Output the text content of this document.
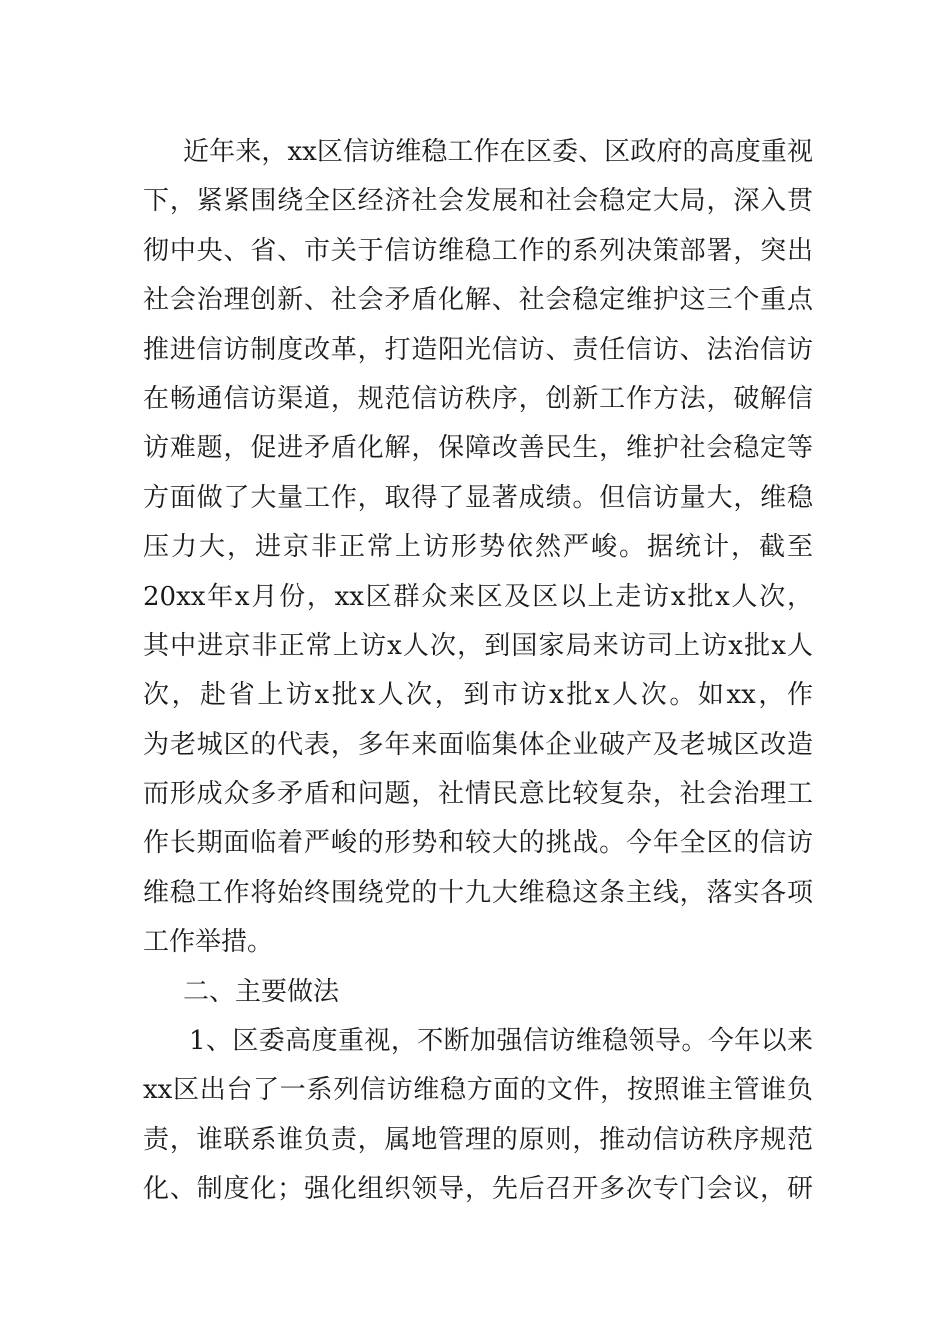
近年来，xx区信访维稳工作在区委、区政府的高度重视
下，紧紧围绕全区经济社会发展和社会稳定大局，深入贯
彻中央、省、市关于信访维稳工作的系列决策部署，突出
社会治理创新、社会矛盾化解、社会稳定维护这三个重点
推进信访制度改革，打造阳光信访、责任信访、法治信访
在畅通信访渠道，规范信访秩序，创新工作方法，破解信
访难题，促进矛盾化解，保障改善民生，维护社会稳定等
方面做了大量工作，取得了显著成绩。但信访量大，维稳
压力大，进京非正常上访形势依然严峻。据统计，截至
20xx年x月份，xx区群众来区及区以上走访x批x人次，
其中进京非正常上访x人次，到国家局来访司上访x批x人
次，赴省上访x批x人次，到市访x批x人次。如xx，作
为老城区的代表，多年来面临集体企业破产及老城区改造
而形成众多矛盾和问题，社情民意比较复杂，社会治理工
作长期面临着严峻的形势和较大的挑战。今年全区的信访
维稳工作将始终围绕党的十九大维稳这条主线，落实各项
工作举措。
二、主要做法
1、区委高度重视，不断加强信访维稳领导。今年以来
xx区出台了一系列信访维稳方面的文件，按照谁主管谁负
责，谁联系谁负责，属地管理的原则，推动信访秩序规范
化、制度化；强化组织领导，先后召开多次专门会议，研
